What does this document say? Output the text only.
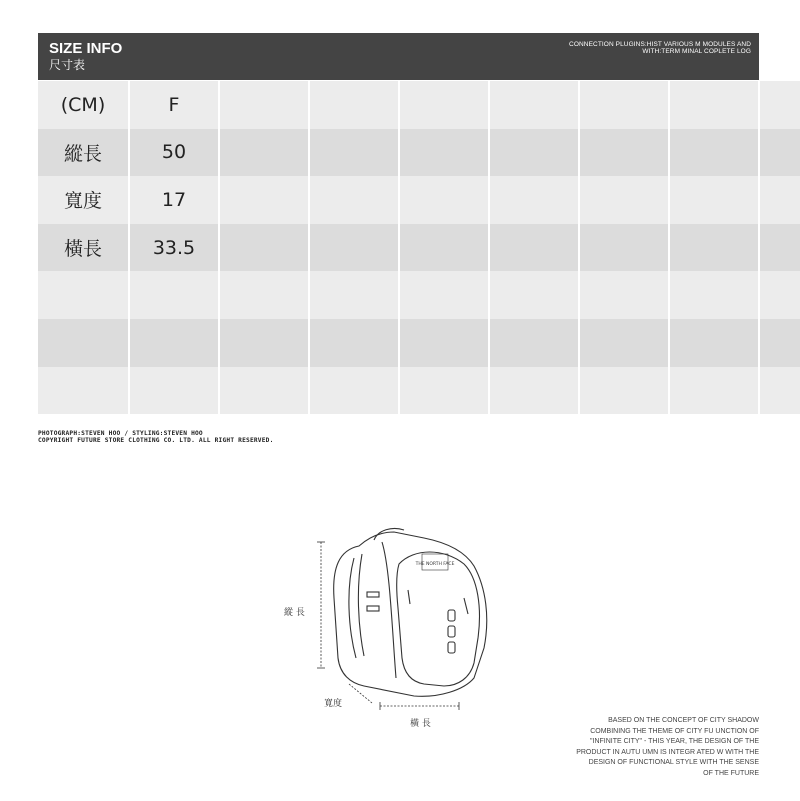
SIZE INFO
尺寸表
CONNECTION PLUGINS:HIST VARIOUS M MODULES AND
WITH:TERM MINAL COPLETE LOG
(CM)	F							
縱長	50							
寬度	17							
橫長	33.5							

PHOTOGRAPH:STEVEN HOO / STYLING:STEVEN HOO
COPYRIGHT FUTURE STORE CLOTHING CO. LTD. ALL RIGHT RESERVED.
THE NORTH FACE
縱 長
寬度
橫 長	BASED ON THE CONCEPT OF CITY SHADOW
COMBINING THE THEME OF CITY FU UNCTION OF
"INFINITE CITY" - THIS YEAR, THE DESIGN OF THE
PRODUCT IN AUTU UMN IS INTEGR ATED W WITH THE
DESIGN OF FUNCTIONAL STYLE WITH THE SENSE
OF THE FUTURE
